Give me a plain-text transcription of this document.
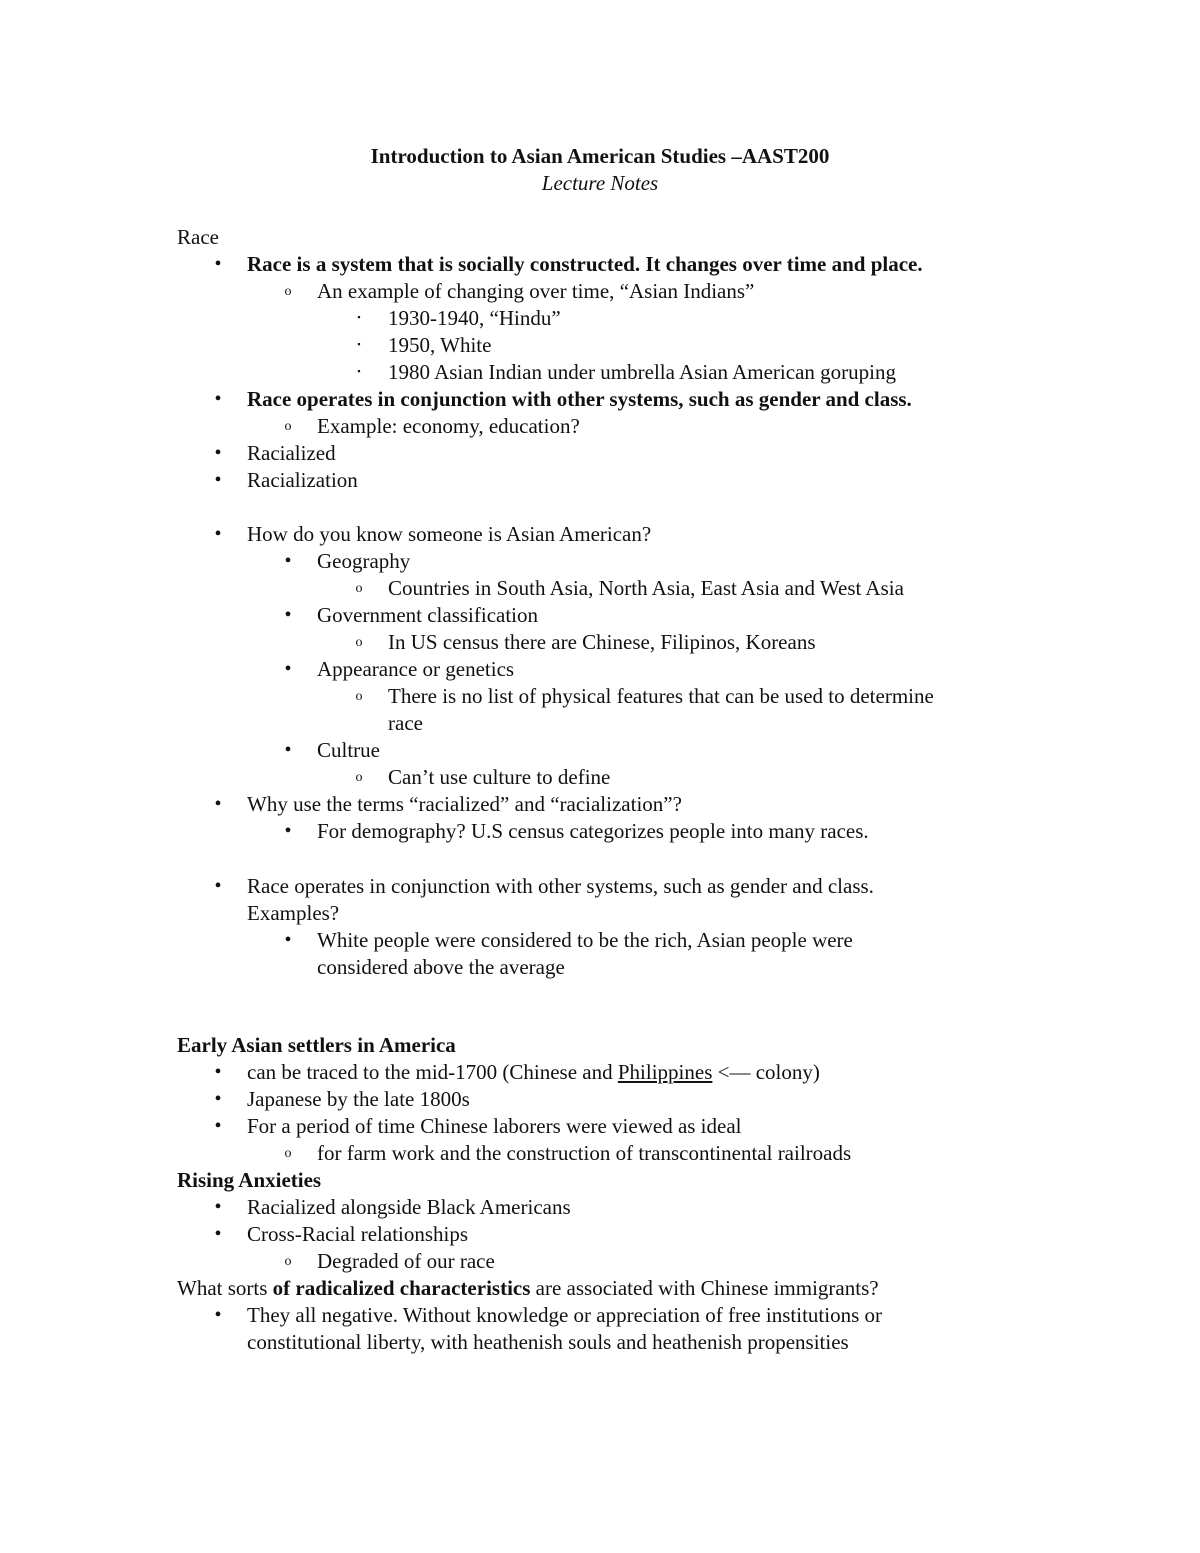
Introduction to Asian American Studies –AAST200
Lecture Notes
Race
•	Race is a system that is socially constructed. It changes over time and place.
o	An example of changing over time, “Asian Indians”
▪	1930-1940, “Hindu”
▪	1950, White
▪	1980 Asian Indian under umbrella Asian American goruping
•	Race operates in conjunction with other systems, such as gender and class.
o	Example: economy, education?
•	Racialized
•	Racialization
•	How do you know someone is Asian American?
•	Geography
o	Countries in South Asia, North Asia, East Asia and West Asia
•	Government classification
o	In US census there are Chinese, Filipinos, Koreans
•	Appearance or genetics
o	There is no list of physical features that can be used to determine
race
•	Cultrue
o	Can’t use culture to define
•	Why use the terms “racialized” and “racialization”?
•	For demography? U.S census categorizes people into many races.
•	Race operates in conjunction with other systems, such as gender and class.
Examples?
•	White people were considered to be the rich, Asian people were
considered above the average
Early Asian settlers in America
•	can be traced to the mid-1700 (Chinese and Philippines <— colony)
•	Japanese by the late 1800s
•	For a period of time Chinese laborers were viewed as ideal
o	for farm work and the construction of transcontinental railroads
Rising Anxieties
•	Racialized alongside Black Americans
•	Cross-Racial relationships
o	Degraded of our race
What sorts of radicalized characteristics are associated with Chinese immigrants?
•	They all negative. Without knowledge or appreciation of free institutions or
constitutional liberty, with heathenish souls and heathenish propensities
